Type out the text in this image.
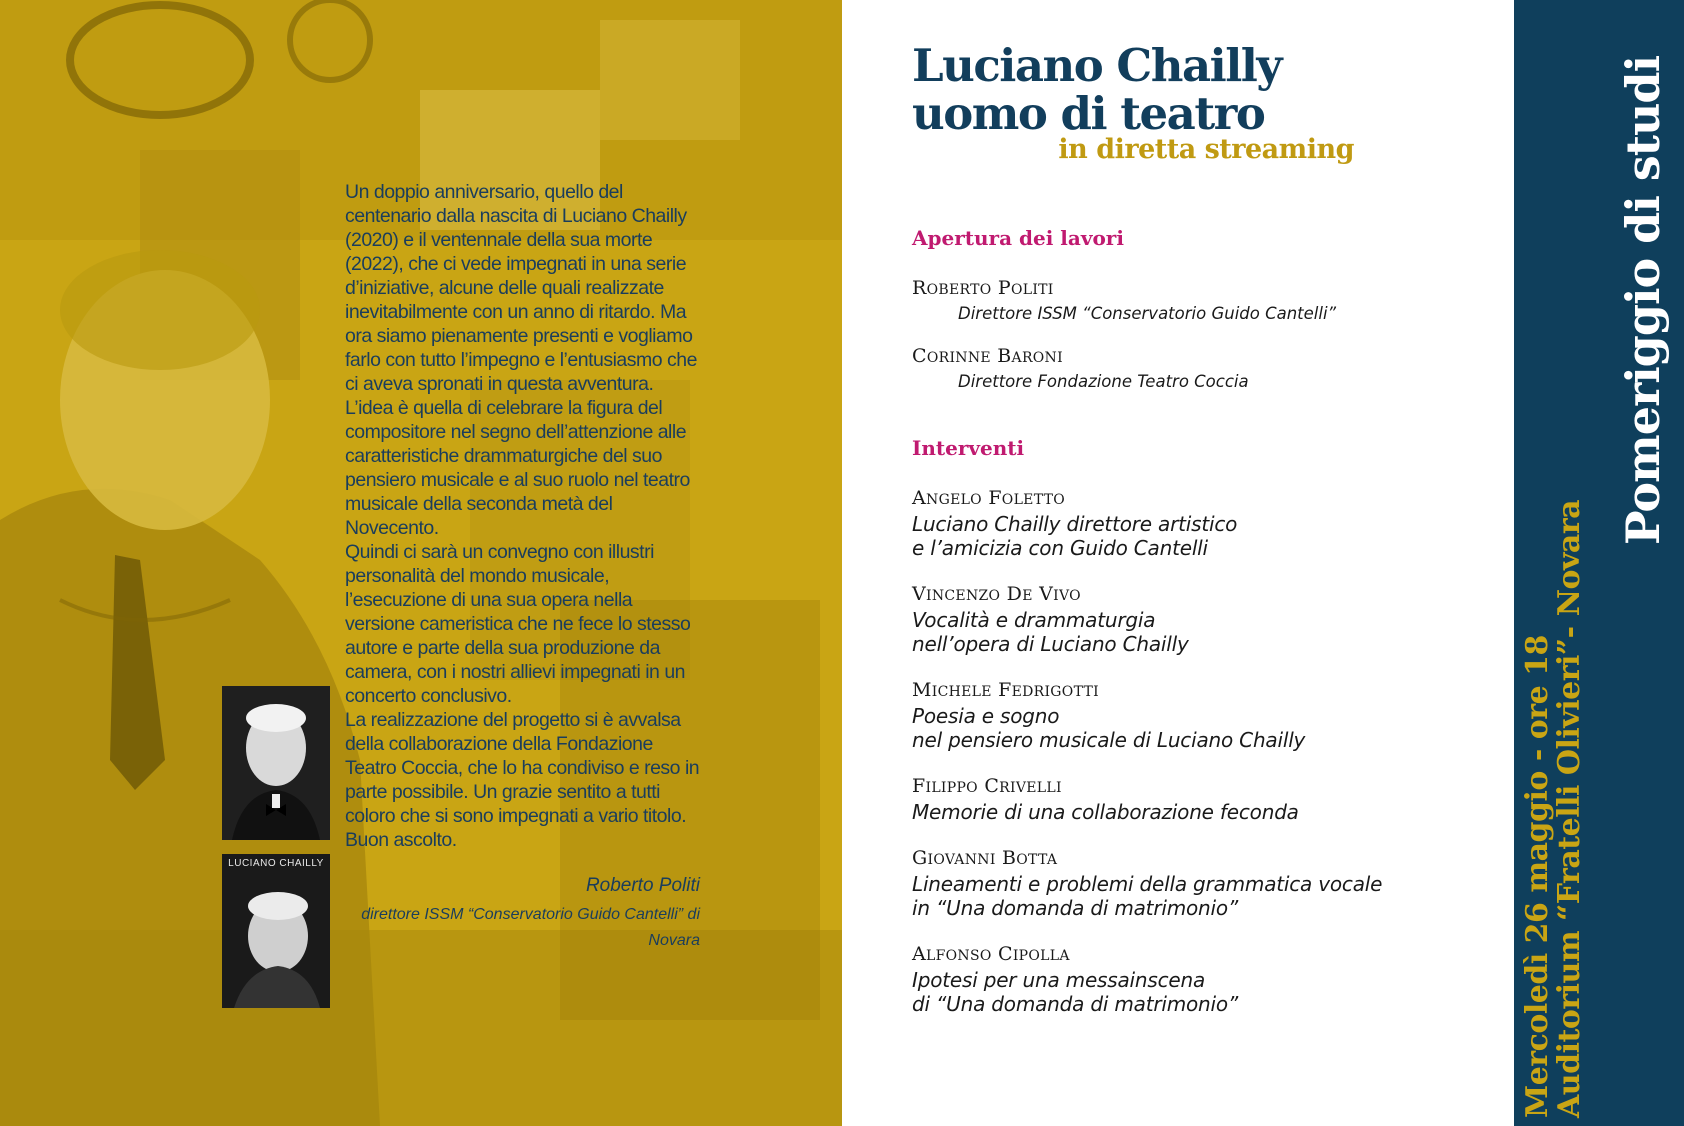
Un doppio anniversario, quello del centenario dalla nascita di Luciano Chailly (2020) e il ventennale della sua morte (2022), che ci vede impegnati in una serie d’iniziative, alcune delle quali realizzate inevitabilmente con un anno di ritardo. Ma ora siamo pienamente presenti e vogliamo farlo con tutto l’impegno e l’entusiasmo che ci aveva spronati in questa avventura. L’idea è quella di celebrare la figura del compositore nel segno dell’attenzione alle caratteristiche drammaturgiche del suo pensiero musicale e al suo ruolo nel teatro musicale della seconda metà del Novecento.
Quindi ci sarà un convegno con illustri personalità del mondo musicale, l’esecuzione di una sua opera nella versione cameristica che ne fece lo stesso autore e parte della sua produzione da camera, con i nostri allievi impegnati in un concerto conclusivo.
La realizzazione del progetto si è avvalsa della collaborazione della Fondazione Teatro Coccia, che lo ha condiviso e reso in parte possibile. Un grazie sentito a tutti coloro che si sono impegnati a vario titolo. Buon ascolto.
LUCIANO CHAILLY
Roberto Politi
direttore ISSM “Conservatorio Guido Cantelli” di Novara
Luciano Chailly
uomo di teatro
in diretta streaming
Apertura dei lavori
ROBERTO POLITI
Direttore ISSM “Conservatorio Guido Cantelli”
CORINNE BARONI
Direttore Fondazione Teatro Coccia
Interventi
ANGELO FOLETTO
Luciano Chailly direttore artistico
e l’amicizia con Guido Cantelli
VINCENZO DE VIVO
Vocalità e drammaturgia
nell’opera di Luciano Chailly
MICHELE FEDRIGOTTI
Poesia e sogno
nel pensiero musicale di Luciano Chailly
FILIPPO CRIVELLI
Memorie di una collaborazione feconda
GIOVANNI BOTTA
Lineamenti e problemi della grammatica vocale
in “Una domanda di matrimonio”
ALFONSO CIPOLLA
Ipotesi per una messainscena
di “Una domanda di matrimonio”
Pomeriggio di studi
Mercoledì 26 maggio - ore 18
Auditorium “Fratelli Olivieri”- Novara
